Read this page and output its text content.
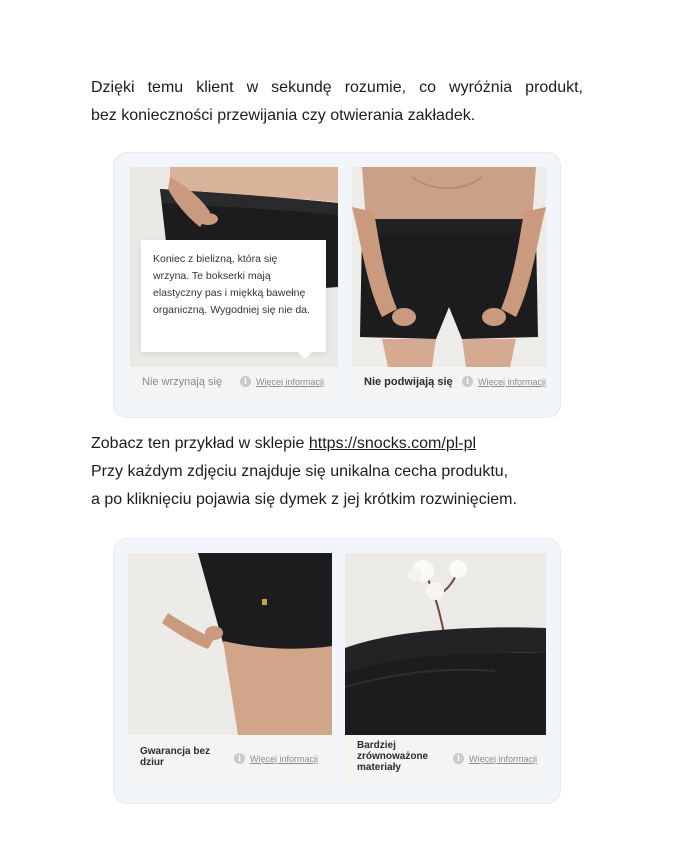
Dzięki temu klient w sekundę rozumie, co wyróżnia produkt,
bez konieczności przewijania czy otwierania zakładek.

Nie wrzynają się	i Więcej informacji
Koniec z bielizną, która się wrzyna. Te bokserki mają elastyczny pas i miękką bawełnę organiczną. Wygodniej się nie da.
Nie podwijają się	i Więcej informacji

Zobacz ten przykład w sklepie https://snocks.com/pl-pl
Przy każdym zdjęciu znajduje się unikalna cecha produktu,
a po kliknięciu pojawia się dymek z jej krótkim rozwinięciem.

Gwarancja bez dziur	i Więcej informacji
Bardziej zrównoważone materiały
i Więcej informacji
